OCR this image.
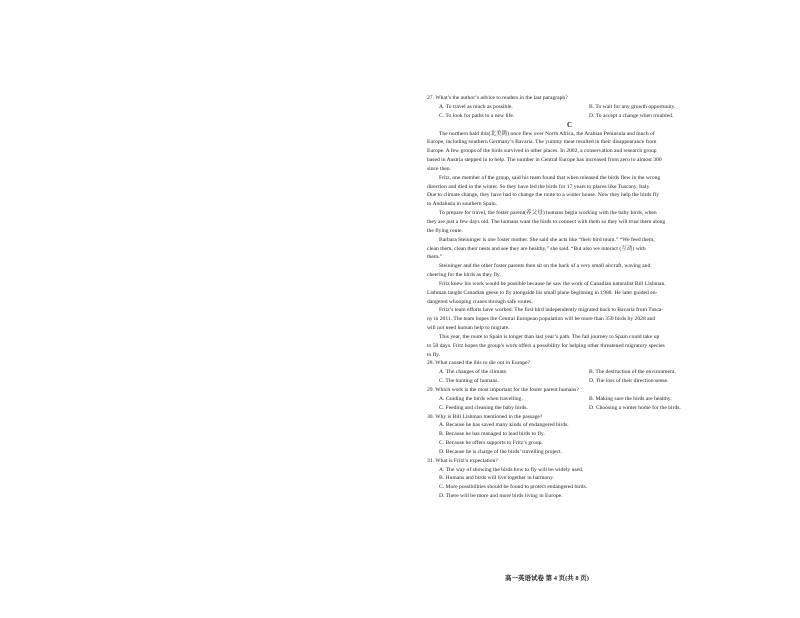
27. What’s the author’s advice to readers in the last paragraph?
A. To travel as much as possible.	B. To wait for any growth opportunity.
C. To look for paths to a new life.	D. To accept a change when troubled.
C
The northern bald ibis(北美鹮) once flew over North Africa, the Arabian Peninsula and much of
Europe, including southern Germany’s Bavaria. The yummy meat resulted in their disappearance from
Europe. A few groups of the birds survived in other places. In 2002, a conservation and research group
based in Austria stepped in to help. The number in Central Europe has increased from zero to almost 300
since then.
Fritz, one member of the group, said his team found that when released the birds flew in the wrong
direction and died in the winter. So they have led the birds for 17 years to places like Tuscany, Italy.
Due to climate change, they have had to change the route to a winter house. Now they help the birds fly
to Andalusia in southern Spain.
To prepare for travel, the foster parent(养父母) humans begin working with the baby birds, when
they are just a few days old. The humans want the birds to connect with them so they will trust them along
the flying route.
Barbara Steininger is one foster mother. She said she acts like “their bird mum.” “We feed them,
clean them, clean their nests and see they are healthy,” she said. “But also we interact (互动) with
them.”
Steininger and the other foster parents then sit on the back of a very small aircraft, waving and
cheering for the birds as they fly.
Fritz knew his work would be possible because he saw the work of Canadian naturalist Bill Lishman.
Lishman taught Canadian geese to fly alongside his small plane beginning in 1988. He later guided en-
dangered whooping cranes through safe routes.
Fritz’s team efforts have worked. The first bird independently migrated back to Bavaria from Tusca-
ny in 2011. The team hopes the Central European population will be more than 350 birds by 2028 and
will not need human help to migrate.
This year, the route to Spain is longer than last year’s path. The fall journey to Spain could take up
to 50 days. Fritz hopes the group’s work offers a possibility for helping other threatened migratory species
to fly.
28. What caused the ibis to die out in Europe?
A. The changes of the climate.	B. The destruction of the environment.
C. The hunting of humans.	D. The loss of their direction sense.
29. Which work is the most important for the foster parent humans?
A. Guiding the birds when travelling.	B. Making sure the birds are healthy.
C. Feeding and cleaning the baby birds.	D. Choosing a winter home for the birds.
30. Why is Bill Lishman mentioned in the passage?
A. Because he has saved many kinds of endangered birds.
B. Because he has managed to lead birds to fly.
C. Because he offers supports to Fritz’s group.
D. Because he is charge of the birds’ travelling project.
31. What is Fritz’s expectation?
A. The way of showing the birds how to fly will be widely used.
B. Humans and birds will live together in harmony.
C. More possibilities should be found to protect endangered birds.
D. There will be more and more birds living in Europe.
高一英语试卷 第 4 页(共 8 页)
